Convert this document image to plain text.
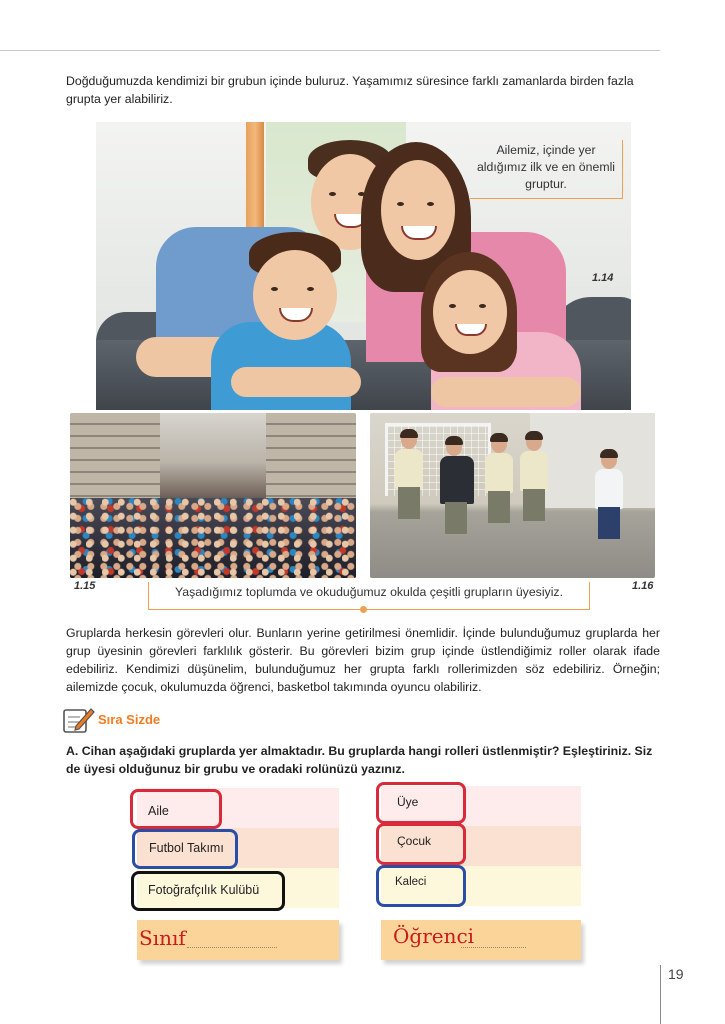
Doğduğumuzda kendimizi bir grubun içinde buluruz. Yaşamımız süresince farklı zamanlarda birden fazla grupta yer alabiliriz.
Ailemiz, içinde yer aldığımız ilk ve en önemli gruptur.
1.14
1.15	1.16
Yaşadığımız toplumda ve okuduğumuz okulda çeşitli grupların üyesiyiz.
Gruplarda herkesin görevleri olur. Bunların yerine getirilmesi önemlidir. İçinde bulunduğumuz gruplarda her grup üyesinin görevleri farklılık gösterir. Bu görevleri bizim grup içinde üstlendiğimiz roller olarak ifade edebiliriz. Kendimizi düşünelim, bulunduğumuz her grupta farklı rollerimizden söz edebiliriz. Örneğin; ailemizde çocuk, okulumuzda öğrenci, basketbol takımında oyuncu olabiliriz.
Sıra Sizde
A. Cihan aşağıdaki gruplarda yer almaktadır. Bu gruplarda hangi rolleri üstlenmiştir? Eşleştiriniz. Siz de üyesi olduğunuz bir grubu ve oradaki rolünüzü yazınız.
Aile
Futbol Takımı
Fotoğrafçılık Kulübü
Üye
Çocuk
Kaleci
Sınıf	Öğrenci
19
